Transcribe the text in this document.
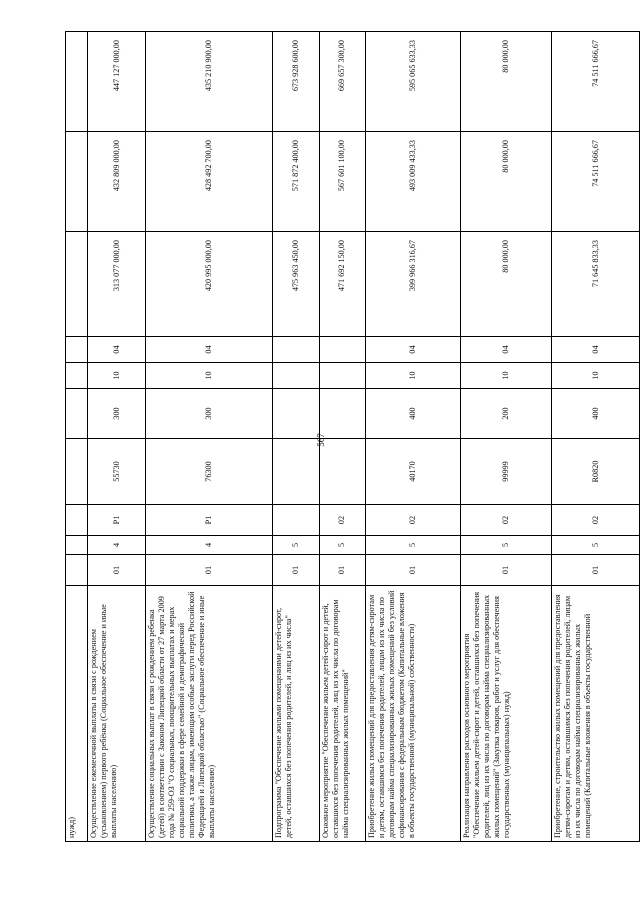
567
нужд)										
Осуществление ежемесячной выплаты в связи с рождением (усыновлением) первого ребёнка (Социальное обеспечение и иные выплаты населению)	01	4	P1	55730	300	10	04	313 077 000,00	432 809 000,00	447 127 000,00
Осуществление социальных выплат в связи с рождением ребенка (детей) в соответствии с Законом Липецкой области от 27 марта 2009 года № 259-ОЗ "О социальных, поощрительных выплатах и мерах социальной поддержки в сфере семейной и демографической политики, а также лицам, имеющим особые заслуги перед Российской Федерацией и Липецкой областью" (Социальное обеспечение и иные выплаты населению)	01	4	P1	76300	300	10	04	420 995 000,00	428 492 700,00	435 210 900,00
Подпрограмма "Обеспечение жилыми помещениями детей-сирот, детей, оставшихся без попечения родителей, и лиц из их числа"	01	5						475 963 450,00	571 872 400,00	673 928 600,00
Основное мероприятие "Обеспечение жильем детей-сирот и детей, оставшихся без попечения родителей, лиц из их числа по договорам найма специализированных жилых помещений"	01	5	02					471 692 150,00	567 601 100,00	669 657 300,00
Приобретение жилых помещений для предоставления детям-сиротам и детям, оставшимся без попечения родителей, лицам из их числа по договорам найма специализированных жилых помещений без условий софинансирования с федеральным бюджетом (Капитальные вложения в объекты государственной (муниципальной) собственности)	01	5	02	40170	400	10	04	399 966 316,67	493 009 433,33	595 065 633,33
Реализация направления расходов основного мероприятия "Обеспечение жильем детей-сирот и детей, оставшихся без попечения родителей, лиц из их числа по договорам найма специализированных жилых помещений" (Закупка товаров, работ и услуг для обеспечения государственных (муниципальных) нужд)	01	5	02	99999	200	10	04	80 000,00	80 000,00	80 000,00
Приобретение, строительство жилых помещений для предоставления детям-сиротам и детям, оставшимся без попечения родителей, лицам из их числа по договорам найма специализированных жилых помещений (Капитальные вложения в объекты государственной	01	5	02	R0820	400	10	04	71 645 833,33	74 511 666,67	74 511 666,67
